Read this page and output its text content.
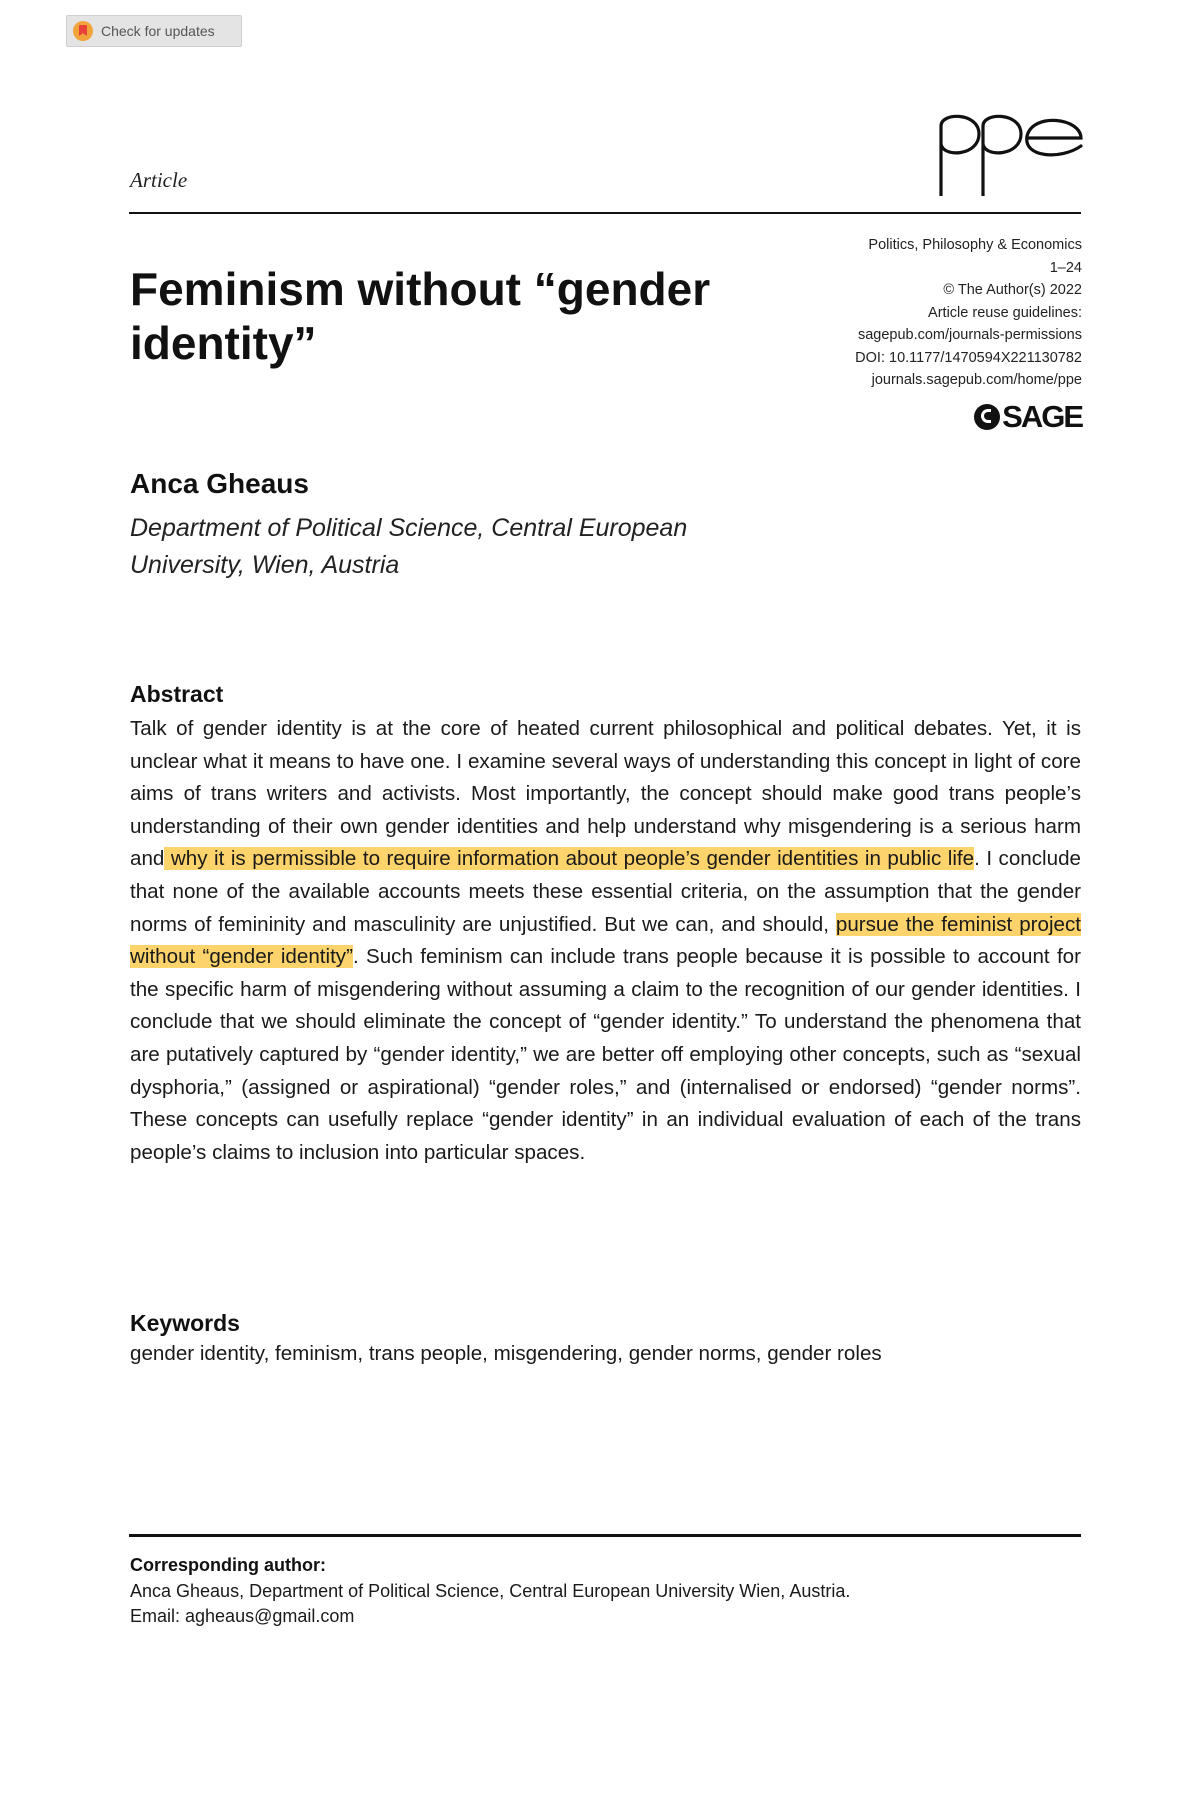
Check for updates
Article
Feminism without “gender identity”
Politics, Philosophy & Economics
1–24
© The Author(s) 2022
Article reuse guidelines:
sagepub.com/journals-permissions
DOI: 10.1177/1470594X221130782
journals.sagepub.com/home/ppe
SAGE
Anca Gheaus
Department of Political Science, Central European University, Wien, Austria
Abstract

Talk of gender identity is at the core of heated current philosophical and political debates. Yet, it is unclear what it means to have one. I examine several ways of understanding this concept in light of core aims of trans writers and activists. Most importantly, the concept should make good trans people’s understanding of their own gender identities and help understand why misgendering is a serious harm and why it is permissible to require information about people’s gender identities in public life. I conclude that none of the available accounts meets these essential criteria, on the assumption that the gender norms of femininity and masculinity are unjustified. But we can, and should, pursue the feminist project without “gender identity”. Such feminism can include trans people because it is possible to account for the specific harm of misgendering without assuming a claim to the recognition of our gender identities. I conclude that we should eliminate the concept of “gender identity.” To understand the phenomena that are putatively captured by “gender identity,” we are better off employing other concepts, such as “sexual dysphoria,” (assigned or aspirational) “gender roles,” and (internalised or endorsed) “gender norms”. These concepts can usefully replace “gender identity” in an individual evaluation of each of the trans people’s claims to inclusion into particular spaces.

Keywords
gender identity, feminism, trans people, misgendering, gender norms, gender roles
Corresponding author:
Anca Gheaus, Department of Political Science, Central European University Wien, Austria.
Email: agheaus@gmail.com
